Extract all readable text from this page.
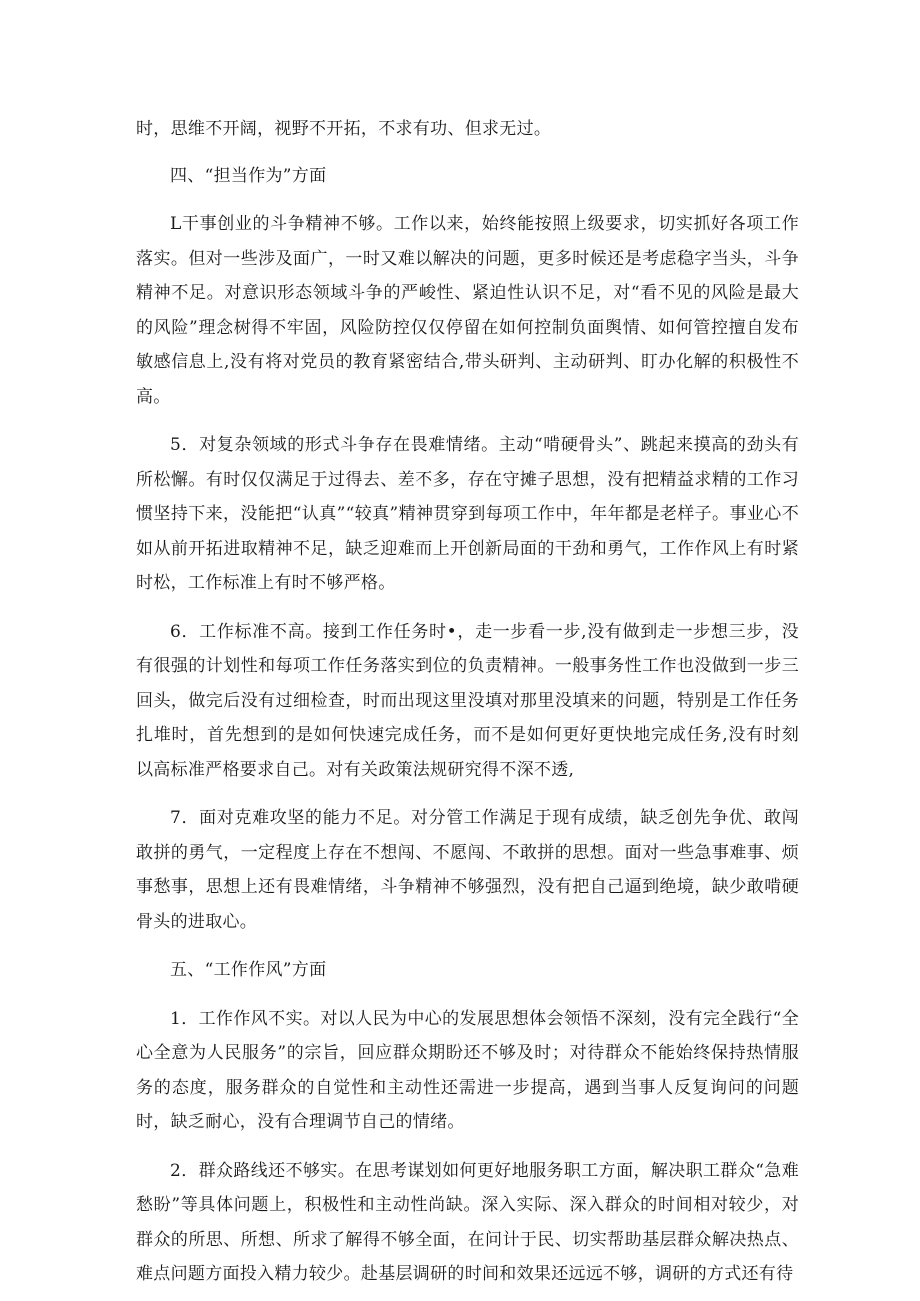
时，思维不开阔，视野不开拓，不求有功、但求无过。

四、“担当作为”方面

L干事创业的斗争精神不够。工作以来，始终能按照上级要求，切实抓好各项工作落实。但对一些涉及面广，一时又难以解决的问题，更多时候还是考虑稳字当头，斗争精神不足。对意识形态领域斗争的严峻性、紧迫性认识不足，对“看不见的风险是最大的风险”理念树得不牢固，风险防控仅仅停留在如何控制负面舆情、如何管控擅自发布敏感信息上,没有将对党员的教育紧密结合,带头研判、主动研判、盯办化解的积极性不高。

5．对复杂领域的形式斗争存在畏难情绪。主动“啃硬骨头”、跳起来摸高的劲头有所松懈。有时仅仅满足于过得去、差不多，存在守摊子思想，没有把精益求精的工作习惯坚持下来，没能把“认真”“较真”精神贯穿到每项工作中，年年都是老样子。事业心不如从前开拓进取精神不足，缺乏迎难而上开创新局面的干劲和勇气，工作作风上有时紧时松，工作标准上有时不够严格。

6．工作标准不高。接到工作任务时•，走一步看一步,没有做到走一步想三步，没有很强的计划性和每项工作任务落实到位的负责精神。一般事务性工作也没做到一步三回头，做完后没有过细检查，时而出现这里没填对那里没填来的问题，特别是工作任务扎堆时，首先想到的是如何快速完成任务，而不是如何更好更快地完成任务,没有时刻以高标准严格要求自己。对有关政策法规研究得不深不透,

7．面对克难攻坚的能力不足。对分管工作满足于现有成绩，缺乏创先争优、敢闯敢拼的勇气，一定程度上存在不想闯、不愿闯、不敢拼的思想。面对一些急事难事、烦事愁事，思想上还有畏难情绪，斗争精神不够强烈，没有把自己逼到绝境，缺少敢啃硬骨头的进取心。

五、“工作作风”方面

1．工作作风不实。对以人民为中心的发展思想体会领悟不深刻，没有完全践行“全心全意为人民服务”的宗旨，回应群众期盼还不够及时；对待群众不能始终保持热情服务的态度，服务群众的自觉性和主动性还需进一步提高，遇到当事人反复询问的问题时，缺乏耐心，没有合理调节自己的情绪。

2．群众路线还不够实。在思考谋划如何更好地服务职工方面，解决职工群众“急难愁盼”等具体问题上，积极性和主动性尚缺。深入实际、深入群众的时间相对较少，对群众的所思、所想、所求了解得不够全面，在问计于民、切实帮助基层群众解决热点、难点问题方面投入精力较少。赴基层调研的时间和效果还远远不够，调研的方式还有待
